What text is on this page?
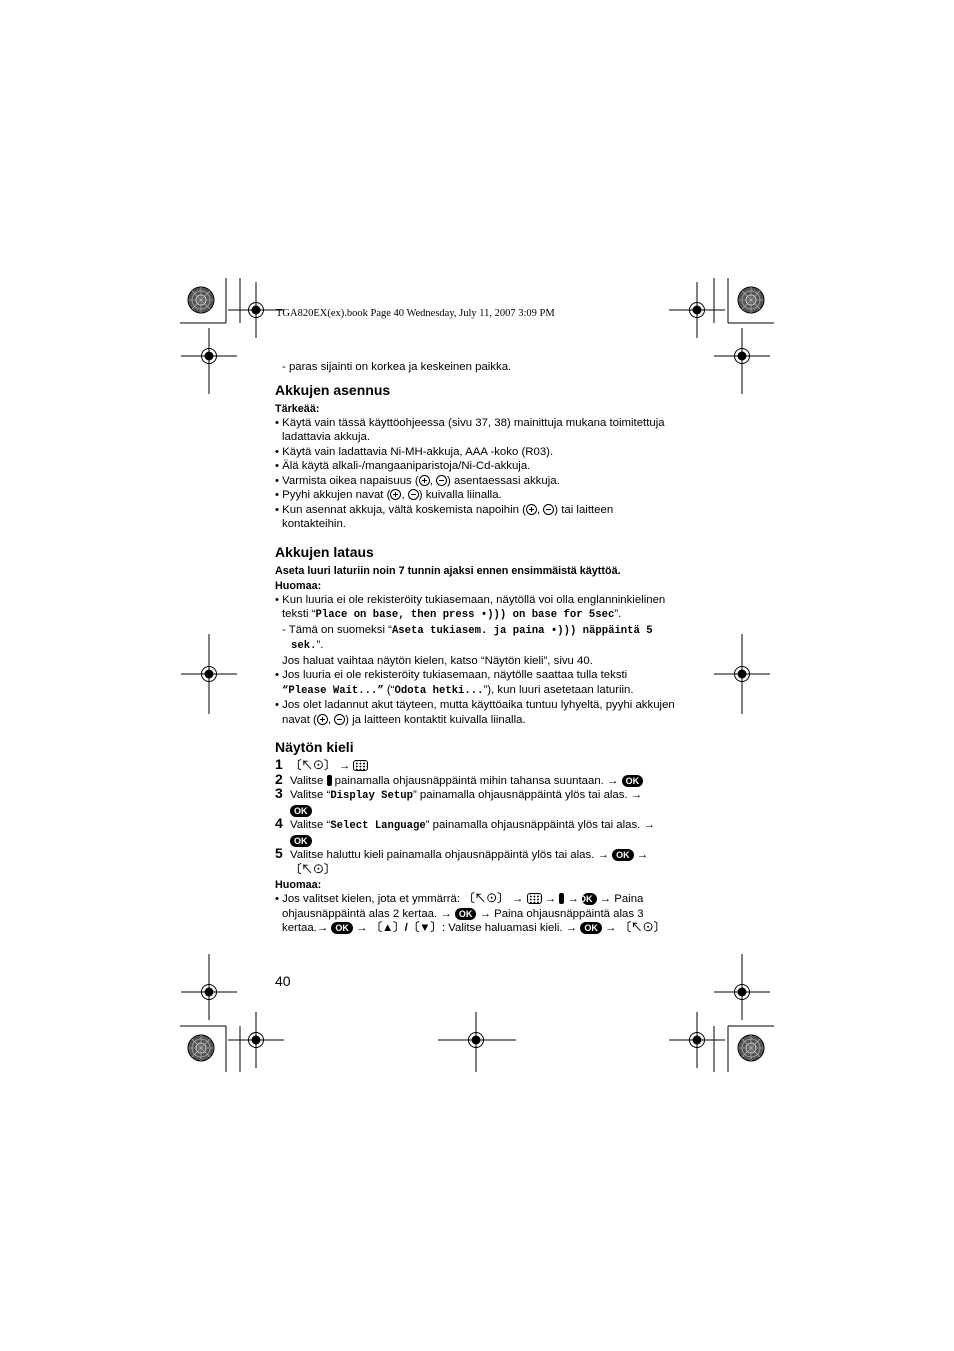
TGA820EX(ex).book Page 40 Wednesday, July 11, 2007 3:09 PM

- paras sijainti on korkea ja keskeinen paikka.

Akkujen asennus

Tärkeää:

• Käytä vain tässä käyttöohjeessa (sivu 37, 38) mainittuja mukana toimitettuja

ladattavia akkuja.

• Käytä vain ladattavia Ni-MH-akkuja, AAA -koko (R03).

• Älä käytä alkali-/mangaaniparistoja/Ni-Cd-akkuja.

• Varmista oikea napaisuus ( , ) asentaessasi akkuja.

• Pyyhi akkujen navat ( , ) kuivalla liinalla.

• Kun asennat akkuja, vältä koskemista napoihin ( , ) tai laitteen

kontakteihin.

Akkujen lataus

Aseta luuri laturiin noin 7 tunnin ajaksi ennen ensimmäistä käyttöä.

Huomaa:

• Kun luuria ei ole rekisteröity tukiasemaan, näytöllä voi olla englanninkielinen

teksti “Place on base, then press •))) on base for 5sec”.

- Tämä on suomeksi “Aseta tukiasem. ja paina •))) näppäintä 5

sek.”.

Jos haluat vaihtaa näytön kielen, katso “Näytön kieli”, sivu 40.

• Jos luuria ei ole rekisteröity tukiasemaan, näytölle saattaa tulla teksti

“Please Wait...” (“Odota hetki...”), kun luuri asetetaan laturiin.

• Jos olet ladannut akut täyteen, mutta käyttöaika tuntuu lyhyeltä, pyyhi akkujen

navat ( , ) ja laitteen kontaktit kuivalla liinalla.

Näytön kieli

1 〔↖⊙〕 →

2 Valitse  painamalla ohjausnäppäintä mihin tahansa suuntaan. → OK

3 Valitse “Display Setup” painamalla ohjausnäppäintä ylös tai alas. →
OK

4 Valitse “Select Language” painamalla ohjausnäppäintä ylös tai alas. →
OK

5 Valitse haluttu kieli painamalla ohjausnäppäintä ylös tai alas. → OK →
〔↖⊙〕

Huomaa:

• Jos valitset kielen, jota et ymmärrä: 〔↖⊙〕 → → → OK → Paina

ohjausnäppäintä alas 2 kertaa. → OK → Paina ohjausnäppäintä alas 3

kertaa.→ OK → 〔▲〕/〔▼〕: Valitse haluamasi kieli. → OK → 〔↖⊙〕

40
